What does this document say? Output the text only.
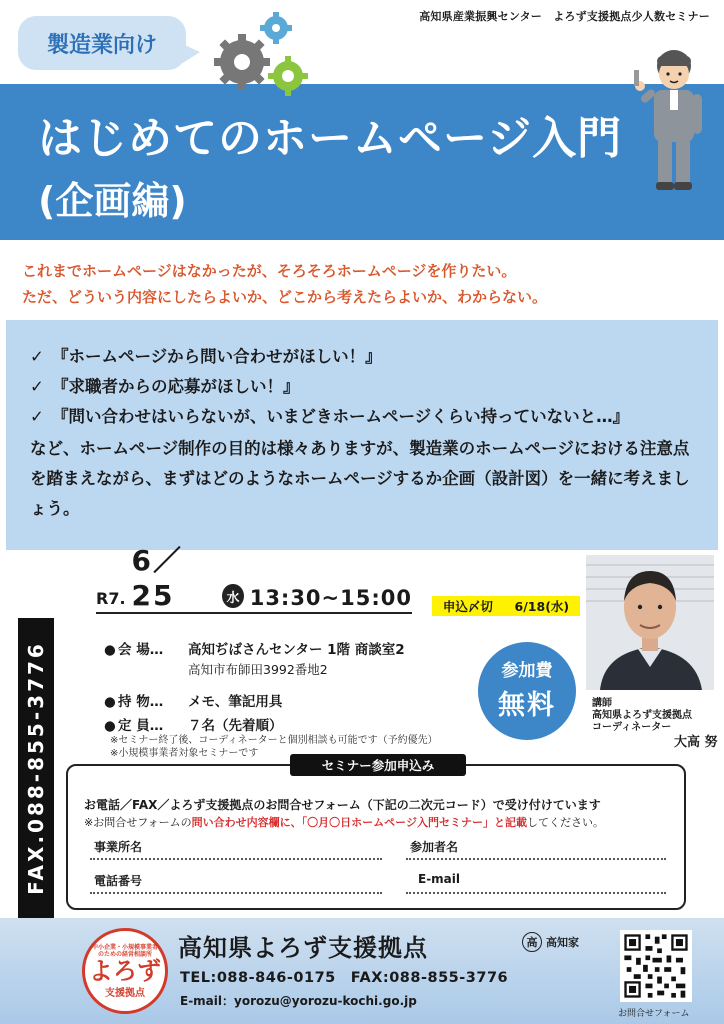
高知県産業振興センター　よろず支援拠点少人数セミナー
製造業向け
はじめてのホームページ入門
(企画編)
これまでホームページはなかったが、そろそろホームページを作りたい。
ただ、どういう内容にしたらよいか、どこから考えたらよいか、わからない。
✓ 『ホームページから問い合わせがほしい！』
✓ 『求職者からの応募がほしい！』
✓ 『問い合わせはいらないが、いまどきホームページくらい持っていないと…』
など、ホームページ制作の目的は様々ありますが、製造業のホームページにおける注意点を踏まえながら、まずはどのようなホームページするか企画（設計図）を一緒に考えましょう。
FAX.088-855-3776
R7.
6／25	水 13:30~15:00 申込〆切 6/18(水)
● 会 場…	高知ぢばさんセンター 1階 商談室2
高知市布師田3992番地2
● 持 物…	メモ、筆記用具
● 定 員…	７名（先着順）
※セミナー終了後、コーディネーターと個別相談も可能です（予約優先）
※小規模事業者対象セミナーです
参加費
無料	講師
高知県よろず支援拠点
コーディネーター
大高 努
セミナー参加申込み
お電話／FAX／よろず支援拠点のお問合せフォーム（下記の二次元コード）で受け付けています
※お問合せフォームの問い合わせ内容欄に、「〇月〇日ホームページ入門セミナー」と記載してください。
事業所名	参加者名
電話番号	E-mail
中小企業・小規模事業者のための経営相談所
よろず
支援拠点
高知県よろず支援拠点	高 高知家
TEL:088-846-0175　FAX:088-855-3776
E-mail：yorozu@yorozu-kochi.go.jp
お問合せフォーム
